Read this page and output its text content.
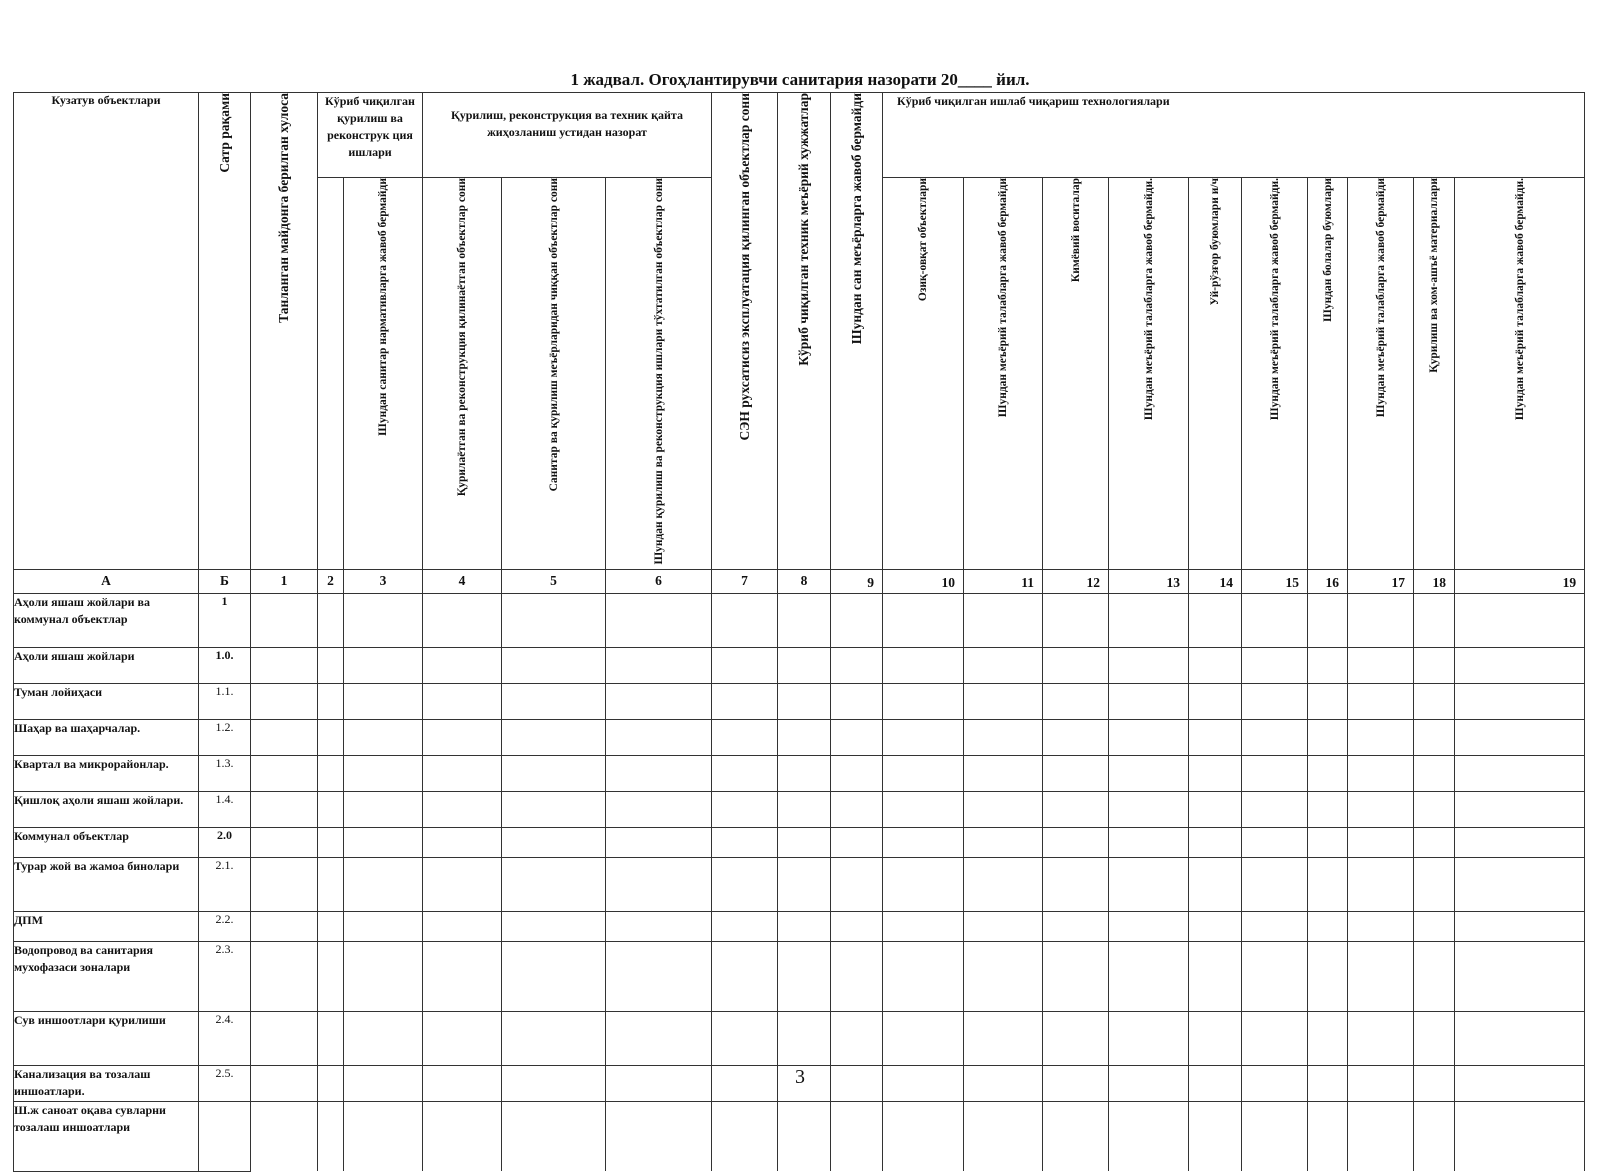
1 жадвал. Огоҳлантирувчи санитария назорати 20____ йил.
Кузатув объектлари	Сатр рақами	Танланган майдонга берилган хулоса	Кўриб чиқилган қурилиш ва реконструк ция ишлари		Қурилиш, реконструкция ва техник қайта жиҳозланиш устидан назорат			СЭН рухсатисиз эксплуатация қилинган объектлар сони	Кўриб чиқилган техник меъёрий хужжатлар	Шундан сан меъёрларга жавоб бермайди	Кўриб чиқилган ишлаб чиқариш технологиялари									
				Шундан санитар нармативларга жавоб бермайди	Қурилаётган ва реконструкция қилинаётган объектлар сони	Санитар ва қурилиш меъёрларидан чиққан объектлар сони	Шундан қурилиш ва реконструкция ишлари тўхтатилган объектлар сони				Озиқ-овқат объектлари	Шундан меъёрий талабларга жавоб бермайди	Кимёвий воситалар	Шундан меъёрий талабларга жавоб бермайди.	Уй-рўзғор буюмлари и/ч	Шундан меъёрий талабларга жавоб бермайди.	Шундан болалар буюмлари	Шундан меъёрий талабларга жавоб бермайди	Қурилиш ва хом-ашъё материаллари	Шундан меъёрий талабларга жавоб бермайди.
А	Б	1	2	3	4	5	6	7	8	9	10	11	12	13	14	15	16	17	18	19
Аҳоли яшаш жойлари ва коммунал объектлар	1																			
Аҳоли яшаш жойлари	1.0.																			
Туман лойиҳаси	1.1.																			
Шаҳар ва шаҳарчалар.	1.2.																			
Квартал ва микрорайонлар.	1.3.																			
Қишлоқ аҳоли яшаш жойлари.	1.4.																			
Коммунал объектлар	2.0																			
Турар жой ва жамоа бинолари	2.1.																			
ДПМ	2.2.																			
Водопровод ва санитария мухофазаси зоналари	2.3.																			
Сув иншоотлари қурилиши	2.4.																			
Канализация ва тозалаш иншоатлари.	2.5.																			
Ш.ж саноат оқава сувларни тозалаш иншоатлари																				
3
